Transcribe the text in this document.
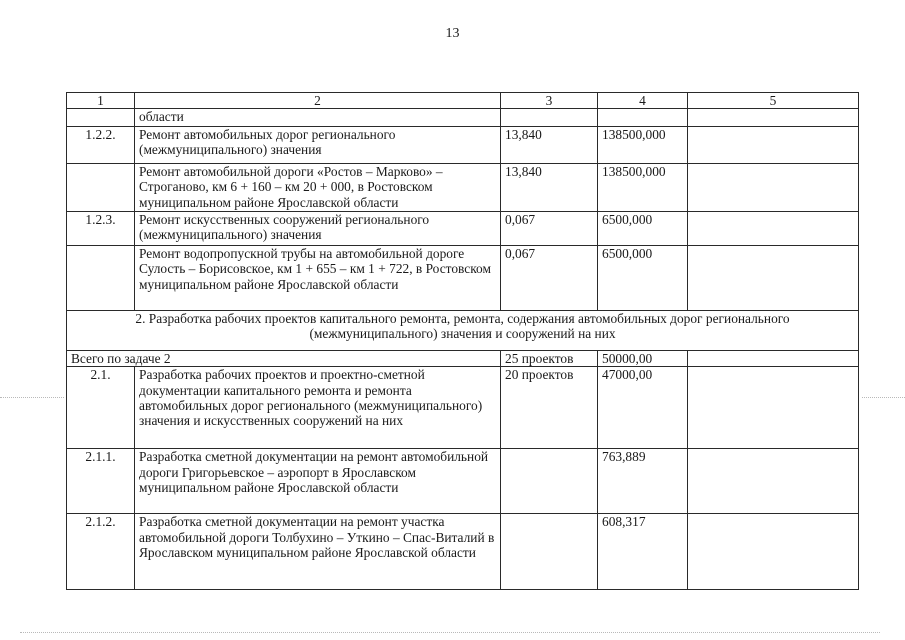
13
1	2	3	4	5
	области			
1.2.2.	Ремонт автомобильных дорог регионального (межмуниципального) значения	13,840	138500,000	
	Ремонт автомобильной дороги «Ростов – Марково» – Строганово, км 6 + 160 – км 20 + 000, в Ростовском муниципальном районе Ярославской области	13,840	138500,000	
1.2.3.	Ремонт искусственных сооружений регионального (межмуниципального) значения	0,067	6500,000	
	Ремонт водопропускной трубы на автомобильной дороге Сулость – Борисовское, км 1 + 655 – км 1 + 722, в Ростовском муниципальном районе Ярославской области	0,067	6500,000	
2. Разработка рабочих проектов капитального ремонта, ремонта, содержания автомобильных дорог регионального (межмуниципального) значения и сооружений на них				
Всего по задаче 2		25 проектов	50000,00	
2.1.	Разработка рабочих проектов и проектно-сметной документации капитального ремонта и ремонта автомобильных дорог регионального (межмуниципального) значения и искусственных сооружений на них	20 проектов	47000,00	
2.1.1.	Разработка сметной документации на ремонт автомобильной дороги Григорьевское – аэропорт в Ярославском муниципальном районе Ярославской области		763,889	
2.1.2.	Разработка сметной документации на ремонт участка автомобильной дороги Толбухино – Уткино – Спас-Виталий в Ярославском муниципальном районе Ярославской области		608,317	
